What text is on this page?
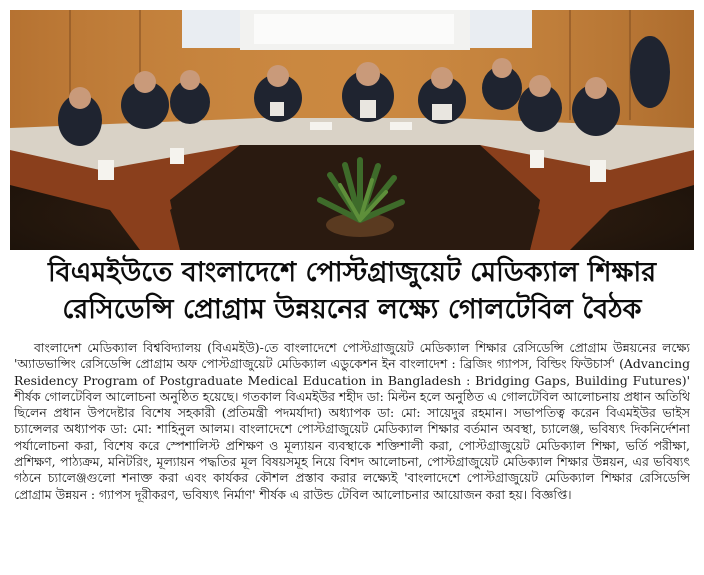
বিএমইউতে বাংলাদেশে পোস্টগ্রাজুয়েট মেডিক্যাল শিক্ষার
রেসিডেন্সি প্রোগ্রাম উন্নয়নের লক্ষ্যে গোলটেবিল বৈঠক

বাংলাদেশ মেডিক্যাল বিশ্ববিদ্যালয় (বিএমইউ)-তে বাংলাদেশে পোস্টগ্রাজুয়েট মেডিক্যাল শিক্ষার রেসিডেন্সি প্রোগ্রাম উন্নয়নের লক্ষ্যে 'অ্যাডভান্সিং রেসিডেন্সি প্রোগ্রাম অফ পোস্টগ্রাজুয়েট মেডিক্যাল এডুকেশন ইন বাংলাদেশ : ব্রিজিং গ্যাপস, বিল্ডিং ফিউচার্স' (Advancing Residency Program of Postgraduate Medical Education in Bangladesh : Bridging Gaps, Building Futures)' শীর্ষক গোলটেবিল আলোচনা অনুষ্ঠিত হয়েছে। গতকাল বিএমইউর শহীদ ডা: মিল্টন হলে অনুষ্ঠিত এ গোলটেবিল আলোচনায় প্রধান অতিথি ছিলেন প্রধান উপদেষ্টার বিশেষ সহকারী (প্রতিমন্ত্রী পদমর্যাদা) অধ্যাপক ডা: মো: সায়েদুর রহমান। সভাপতিত্ব করেন বিএমইউর ভাইস চ্যান্সেলর অধ্যাপক ডা: মো: শাহিনুল আলম। বাংলাদেশে পোস্টগ্রাজুয়েট মেডিক্যাল শিক্ষার বর্তমান অবস্থা, চ্যালেঞ্জ, ভবিষ্যৎ দিকনির্দেশনা পর্যালোচনা করা, বিশেষ করে স্পেশালিস্ট প্রশিক্ষণ ও মূল্যায়ন ব্যবস্থাকে শক্তিশালী করা, পোস্টগ্রাজুয়েট মেডিক্যাল শিক্ষা, ভর্তি পরীক্ষা, প্রশিক্ষণ, পাঠ্যক্রম, মনিটরিং, মূল্যায়ন পদ্ধতির মূল বিষয়সমূহ নিয়ে বিশদ আলোচনা, পোস্টগ্রাজুয়েট মেডিক্যাল শিক্ষার উন্নয়ন, এর ভবিষ্যৎ গঠনে চ্যালেঞ্জগুলো শনাক্ত করা এবং কার্যকর কৌশল প্রস্তাব করার লক্ষ্যেই 'বাংলাদেশে পোস্টগ্রাজুয়েট মেডিক্যাল শিক্ষার রেসিডেন্সি প্রোগ্রাম উন্নয়ন : গ্যাপস দূরীকরণ, ভবিষ্যৎ নির্মাণ' শীর্ষক এ রাউন্ড টেবিল আলোচনার আয়োজন করা হয়। বিজ্ঞপ্তি।
